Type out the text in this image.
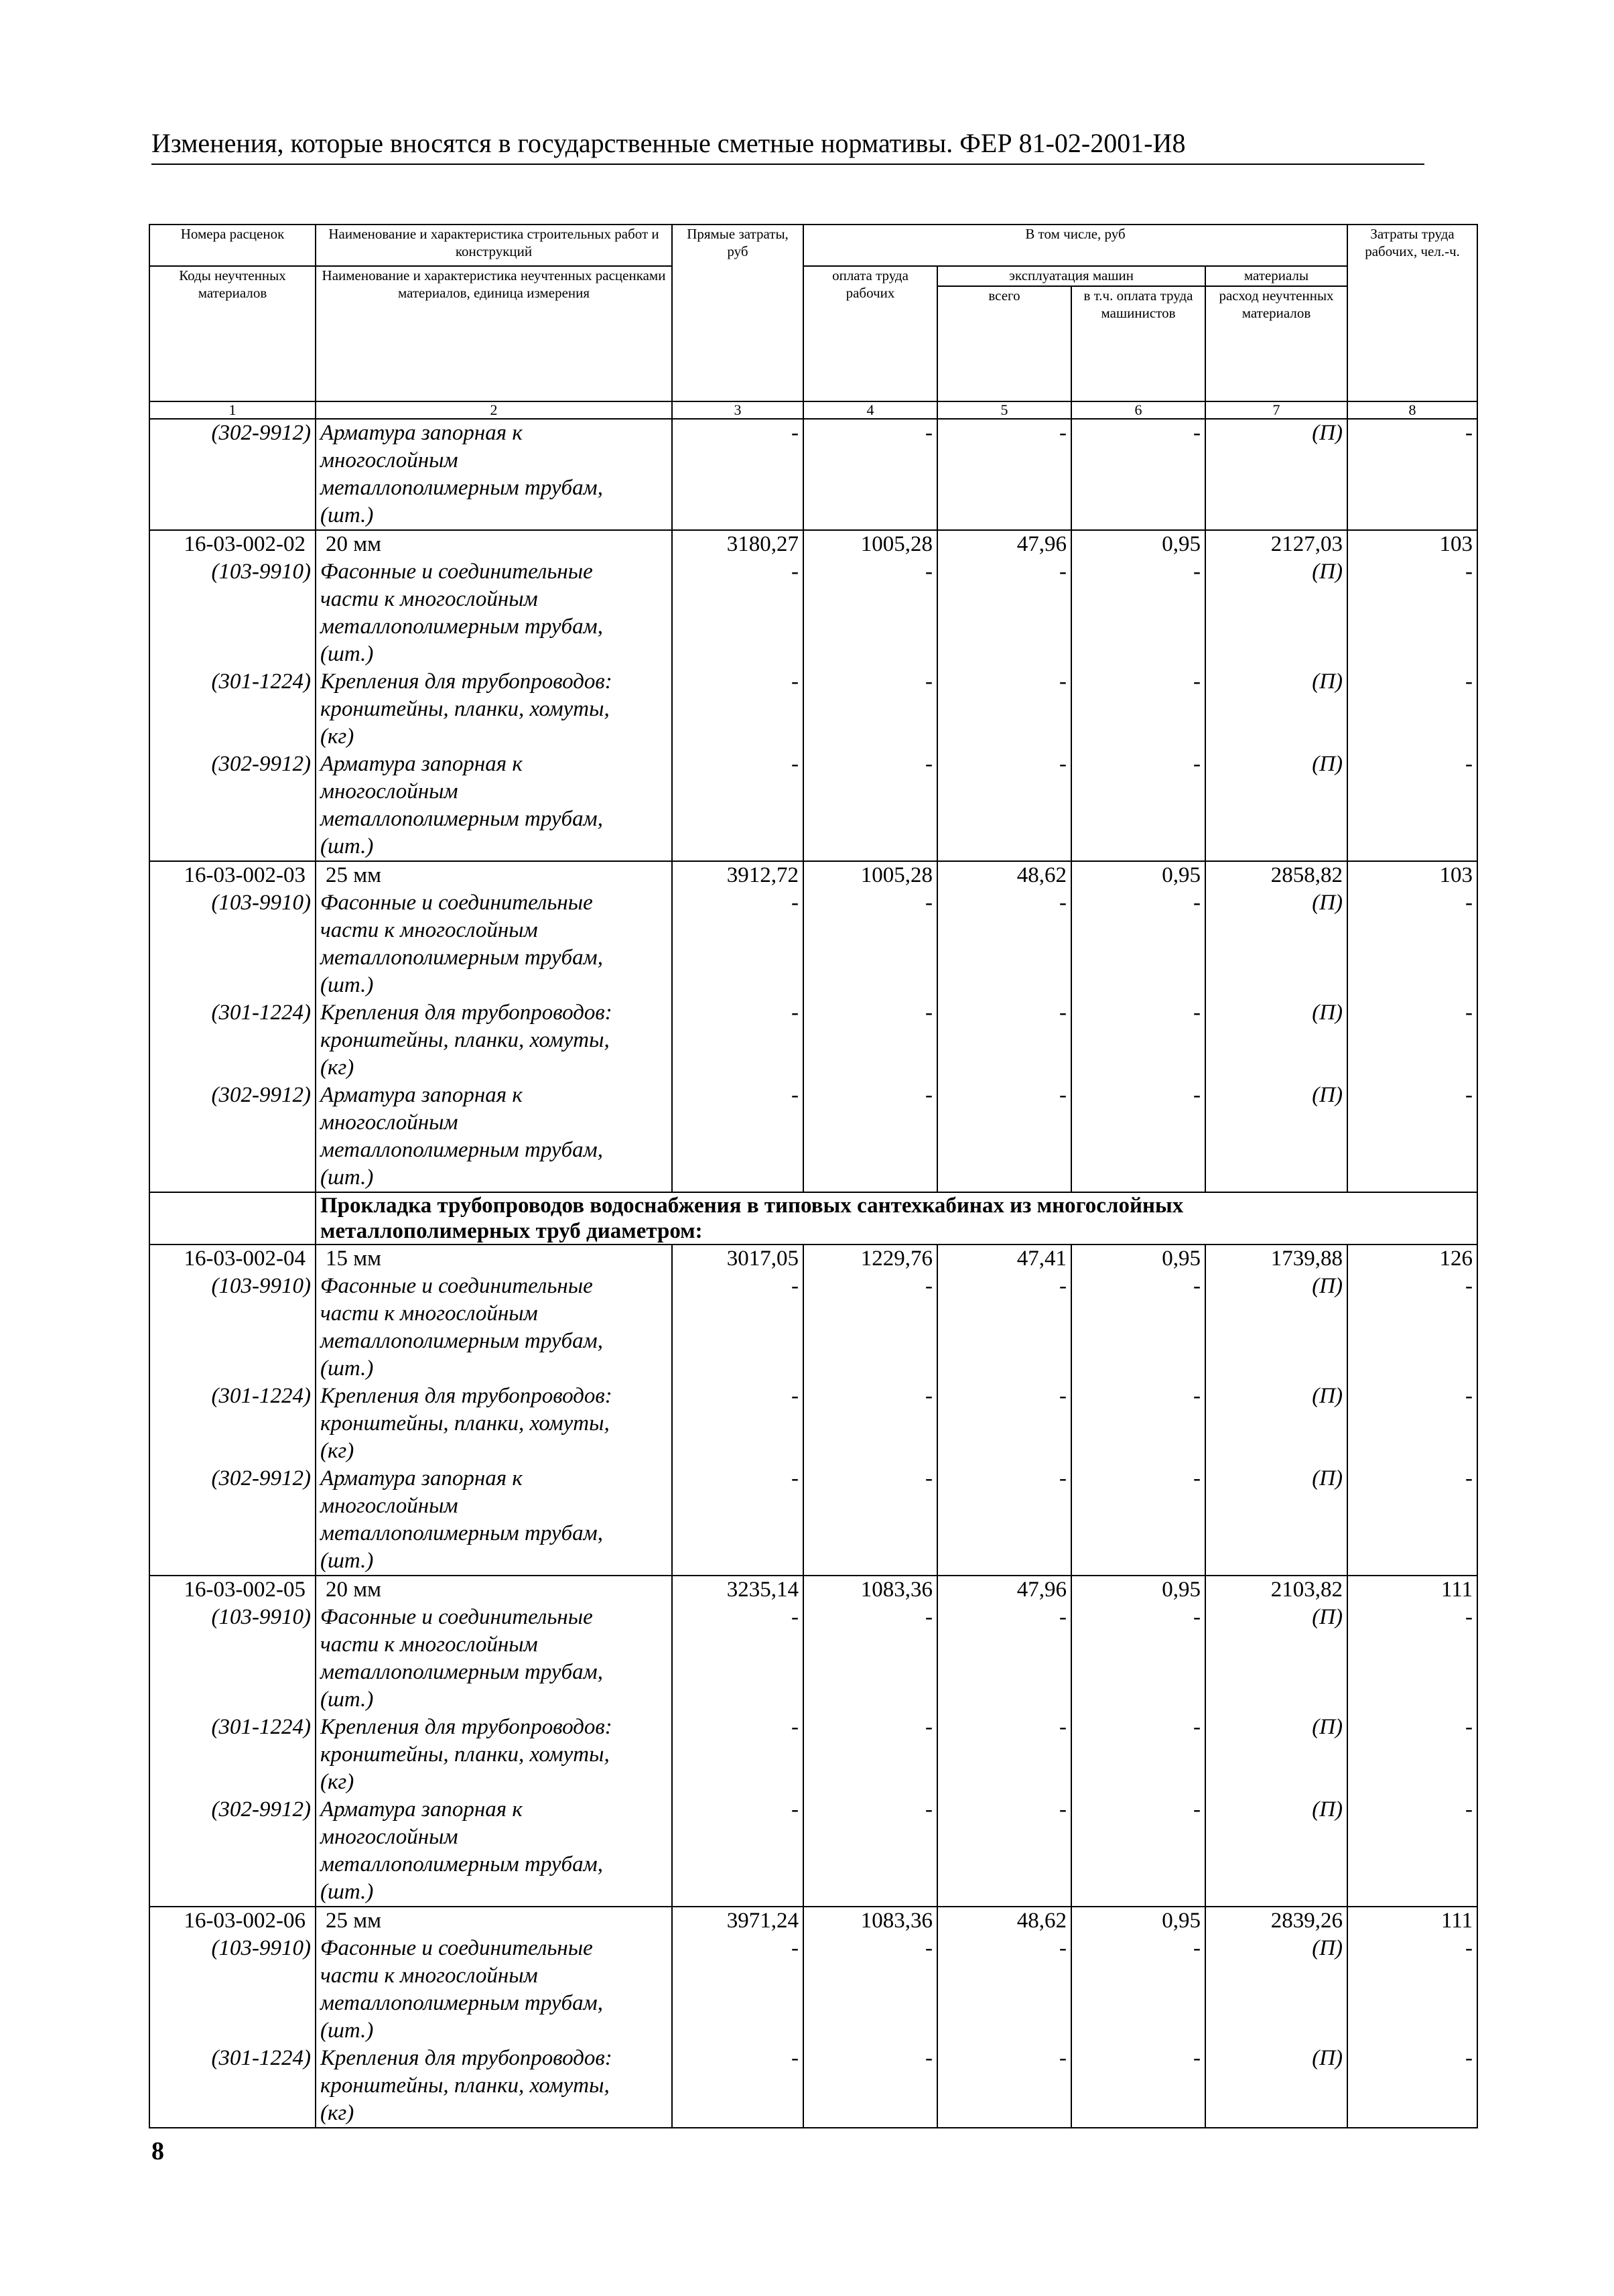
Изменения, которые вносятся в государственные сметные нормативы. ФЕР 81-02-2001-И8
Номера расценок	Наименование и характеристика строительных работ и конструкций	Прямые затраты, руб	В том числе, руб				Затраты труда рабочих, чел.-ч.
Коды неучтенных материалов	Наименование и характеристика неучтенных расценками материалов, единица измерения		оплата труда рабочих	эксплуатация машин		материалы	
				всего	в т.ч. оплата труда машинистов	расход неучтенных материалов	

1	2	3	4	5	6	7	8
(302-9912)	Арматура запорная к
многослойным
металлополимерным трубам,
(шт.)	-	-	-	-	(П)	-
16-03-002-02	20 мм	3180,27	1005,28	47,96	0,95	2127,03	103
(103-9910)	Фасонные и соединительные
части к многослойным
металлополимерным трубам,
(шт.)	-	-	-	-	(П)	-
(301-1224)	Крепления для трубопроводов:
кронштейны, планки, хомуты,
(кг)	-	-	-	-	(П)	-
(302-9912)	Арматура запорная к
многослойным
металлополимерным трубам,
(шт.)	-	-	-	-	(П)	-
16-03-002-03	25 мм	3912,72	1005,28	48,62	0,95	2858,82	103
(103-9910)	Фасонные и соединительные
части к многослойным
металлополимерным трубам,
(шт.)	-	-	-	-	(П)	-
(301-1224)	Крепления для трубопроводов:
кронштейны, планки, хомуты,
(кг)	-	-	-	-	(П)	-
(302-9912)	Арматура запорная к
многослойным
металлополимерным трубам,
(шт.)	-	-	-	-	(П)	-
	Прокладка трубопроводов водоснабжения в типовых сантехкабинах из многослойных
металлополимерных труб диаметром:						
16-03-002-04	15 мм	3017,05	1229,76	47,41	0,95	1739,88	126
(103-9910)	Фасонные и соединительные
части к многослойным
металлополимерным трубам,
(шт.)	-	-	-	-	(П)	-
(301-1224)	Крепления для трубопроводов:
кронштейны, планки, хомуты,
(кг)	-	-	-	-	(П)	-
(302-9912)	Арматура запорная к
многослойным
металлополимерным трубам,
(шт.)	-	-	-	-	(П)	-
16-03-002-05	20 мм	3235,14	1083,36	47,96	0,95	2103,82	111
(103-9910)	Фасонные и соединительные
части к многослойным
металлополимерным трубам,
(шт.)	-	-	-	-	(П)	-
(301-1224)	Крепления для трубопроводов:
кронштейны, планки, хомуты,
(кг)	-	-	-	-	(П)	-
(302-9912)	Арматура запорная к
многослойным
металлополимерным трубам,
(шт.)	-	-	-	-	(П)	-
16-03-002-06	25 мм	3971,24	1083,36	48,62	0,95	2839,26	111
(103-9910)	Фасонные и соединительные
части к многослойным
металлополимерным трубам,
(шт.)	-	-	-	-	(П)	-
(301-1224)	Крепления для трубопроводов:
кронштейны, планки, хомуты,
(кг)	-	-	-	-	(П)	-
8
